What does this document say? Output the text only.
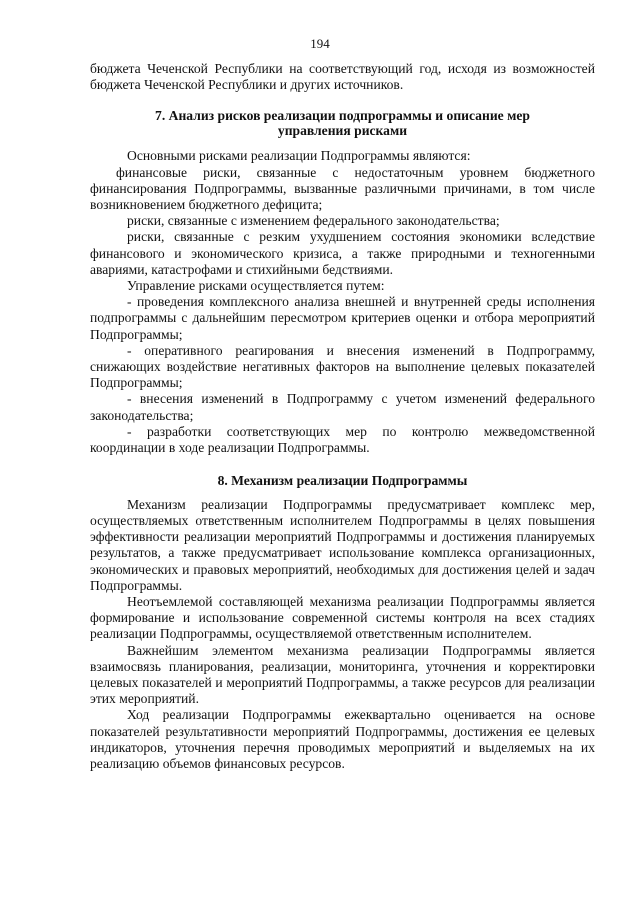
194

бюджета Чеченской Республики на соответствующий год, исходя из возможностей бюджета Чеченской Республики и других источников.

7. Анализ рисков реализации подпрограммы и описание мер
управления рисками

Основными рисками реализации Подпрограммы являются:

финансовые риски, связанные с недостаточным уровнем бюджетного финансирования Подпрограммы, вызванные различными причинами, в том числе возникновением бюджетного дефицита;

риски, связанные с изменением федерального законодательства;

риски, связанные с резким ухудшением состояния экономики вследствие финансового и экономического кризиса, а также природными и техногенными авариями, катастрофами и стихийными бедствиями.

Управление рисками осуществляется путем:

- проведения комплексного анализа внешней и внутренней среды исполнения подпрограммы с дальнейшим пересмотром критериев оценки и отбора мероприятий Подпрограммы;

- оперативного реагирования и внесения изменений в Подпрограмму, снижающих воздействие негативных факторов на выполнение целевых показателей Подпрограммы;

- внесения изменений в Подпрограмму с учетом изменений федерального законодательства;

- разработки соответствующих мер по контролю межведомственной координации в ходе реализации Подпрограммы.

8. Механизм реализации Подпрограммы

Механизм реализации Подпрограммы предусматривает комплекс мер, осуществляемых ответственным исполнителем Подпрограммы в целях повышения эффективности реализации мероприятий Подпрограммы и достижения планируемых результатов, а также предусматривает использование комплекса организационных, экономических и правовых мероприятий, необходимых для достижения целей и задач Подпрограммы.

Неотъемлемой составляющей механизма реализации Подпрограммы является формирование и использование современной системы контроля на всех стадиях реализации Подпрограммы, осуществляемой ответственным исполнителем.

Важнейшим элементом механизма реализации Подпрограммы является взаимосвязь планирования, реализации, мониторинга, уточнения и корректировки целевых показателей и мероприятий Подпрограммы, а также ресурсов для реализации этих мероприятий.

Ход реализации Подпрограммы ежеквартально оценивается на основе показателей результативности мероприятий Подпрограммы, достижения ее целевых индикаторов, уточнения перечня проводимых мероприятий и выделяемых на их реализацию объемов финансовых ресурсов.
